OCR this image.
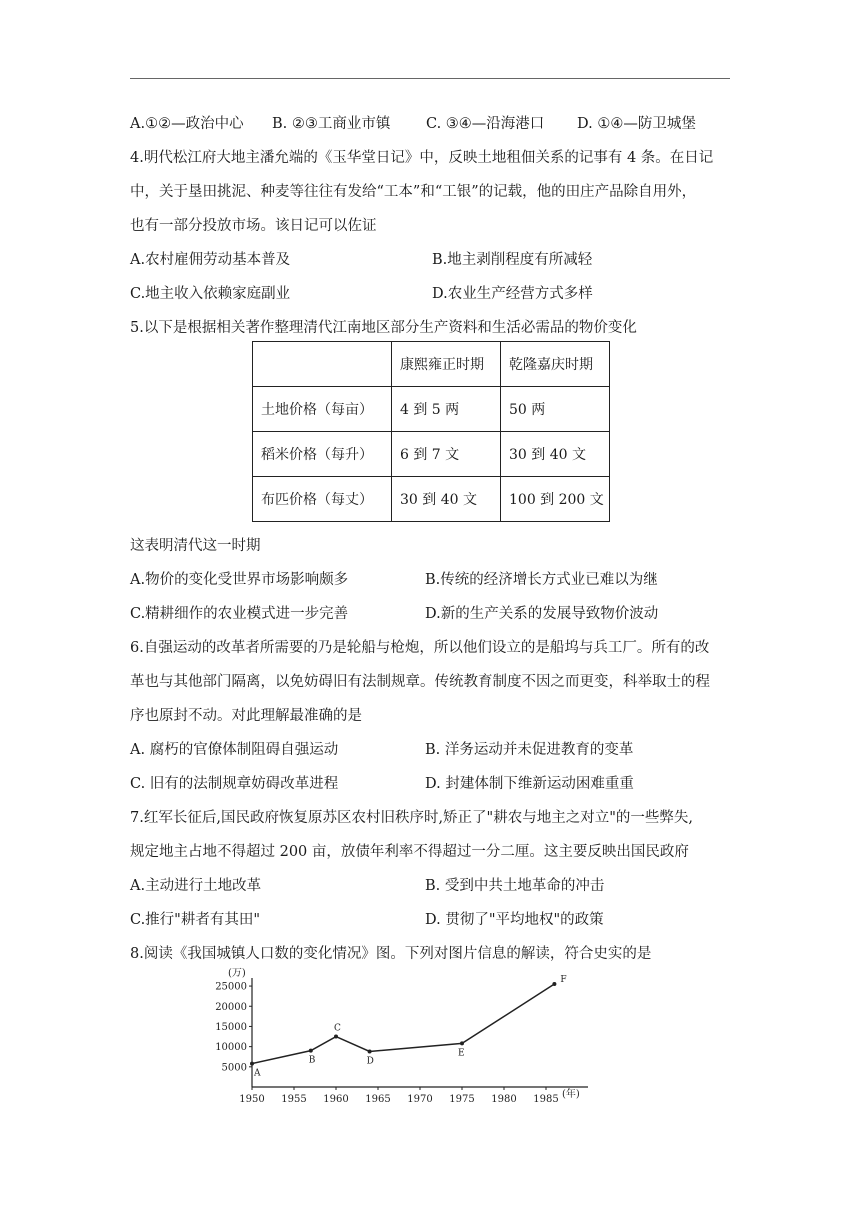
A.①②—政治中心 B. ②③工商业市镇 C. ③④—沿海港口 D. ①④—防卫城堡
4.明代松江府大地主潘允端的《玉华堂日记》中，反映土地租佃关系的记事有 4 条。在日记
中，关于垦田挑泥、种麦等往往有发给“工本”和“工银”的记载，他的田庄产品除自用外，
也有一部分投放市场。该日记可以佐证
A.农村雇佣劳动基本普及	B.地主剥削程度有所减轻
C.地主收入依赖家庭副业	D.农业生产经营方式多样
5.以下是根据相关著作整理清代江南地区部分生产资料和生活必需品的物价变化
	康熙雍正时期	乾隆嘉庆时期
土地价格（每亩）	4 到 5 两	50 两
稻米价格（每升）	6 到 7 文	30 到 40 文
布匹价格（每丈）	30 到 40 文	100 到 200 文
这表明清代这一时期
A.物价的变化受世界市场影响颇多	B.传统的经济增长方式业已难以为继
C.精耕细作的农业模式进一步完善	D.新的生产关系的发展导致物价波动
6.自强运动的改革者所需要的乃是轮船与枪炮，所以他们设立的是船坞与兵工厂。所有的改
革也与其他部门隔离，以免妨碍旧有法制规章。传统教育制度不因之而更变，科举取士的程
序也原封不动。对此理解最准确的是
A. 腐朽的官僚体制阻碍自强运动	B. 洋务运动并未促进教育的变革
C. 旧有的法制规章妨碍改革进程	D. 封建体制下维新运动困难重重
7.红军长征后,国民政府恢复原苏区农村旧秩序时,矫正了"耕农与地主之对立"的一些弊失,
规定地主占地不得超过 200 亩，放债年利率不得超过一分二厘。这主要反映出国民政府
A.主动进行土地改革	B. 受到中共土地革命的冲击
C.推行"耕者有其田"	D. 贯彻了"平均地权"的政策
8.阅读《我国城镇人口数的变化情况》图。下列对图片信息的解读，符合史实的是
(万)
(年)
5000
10000
15000
20000
25000
1950 1955 1960 1965 1970 1975 1980 1985
A
B
C
D
E
F
